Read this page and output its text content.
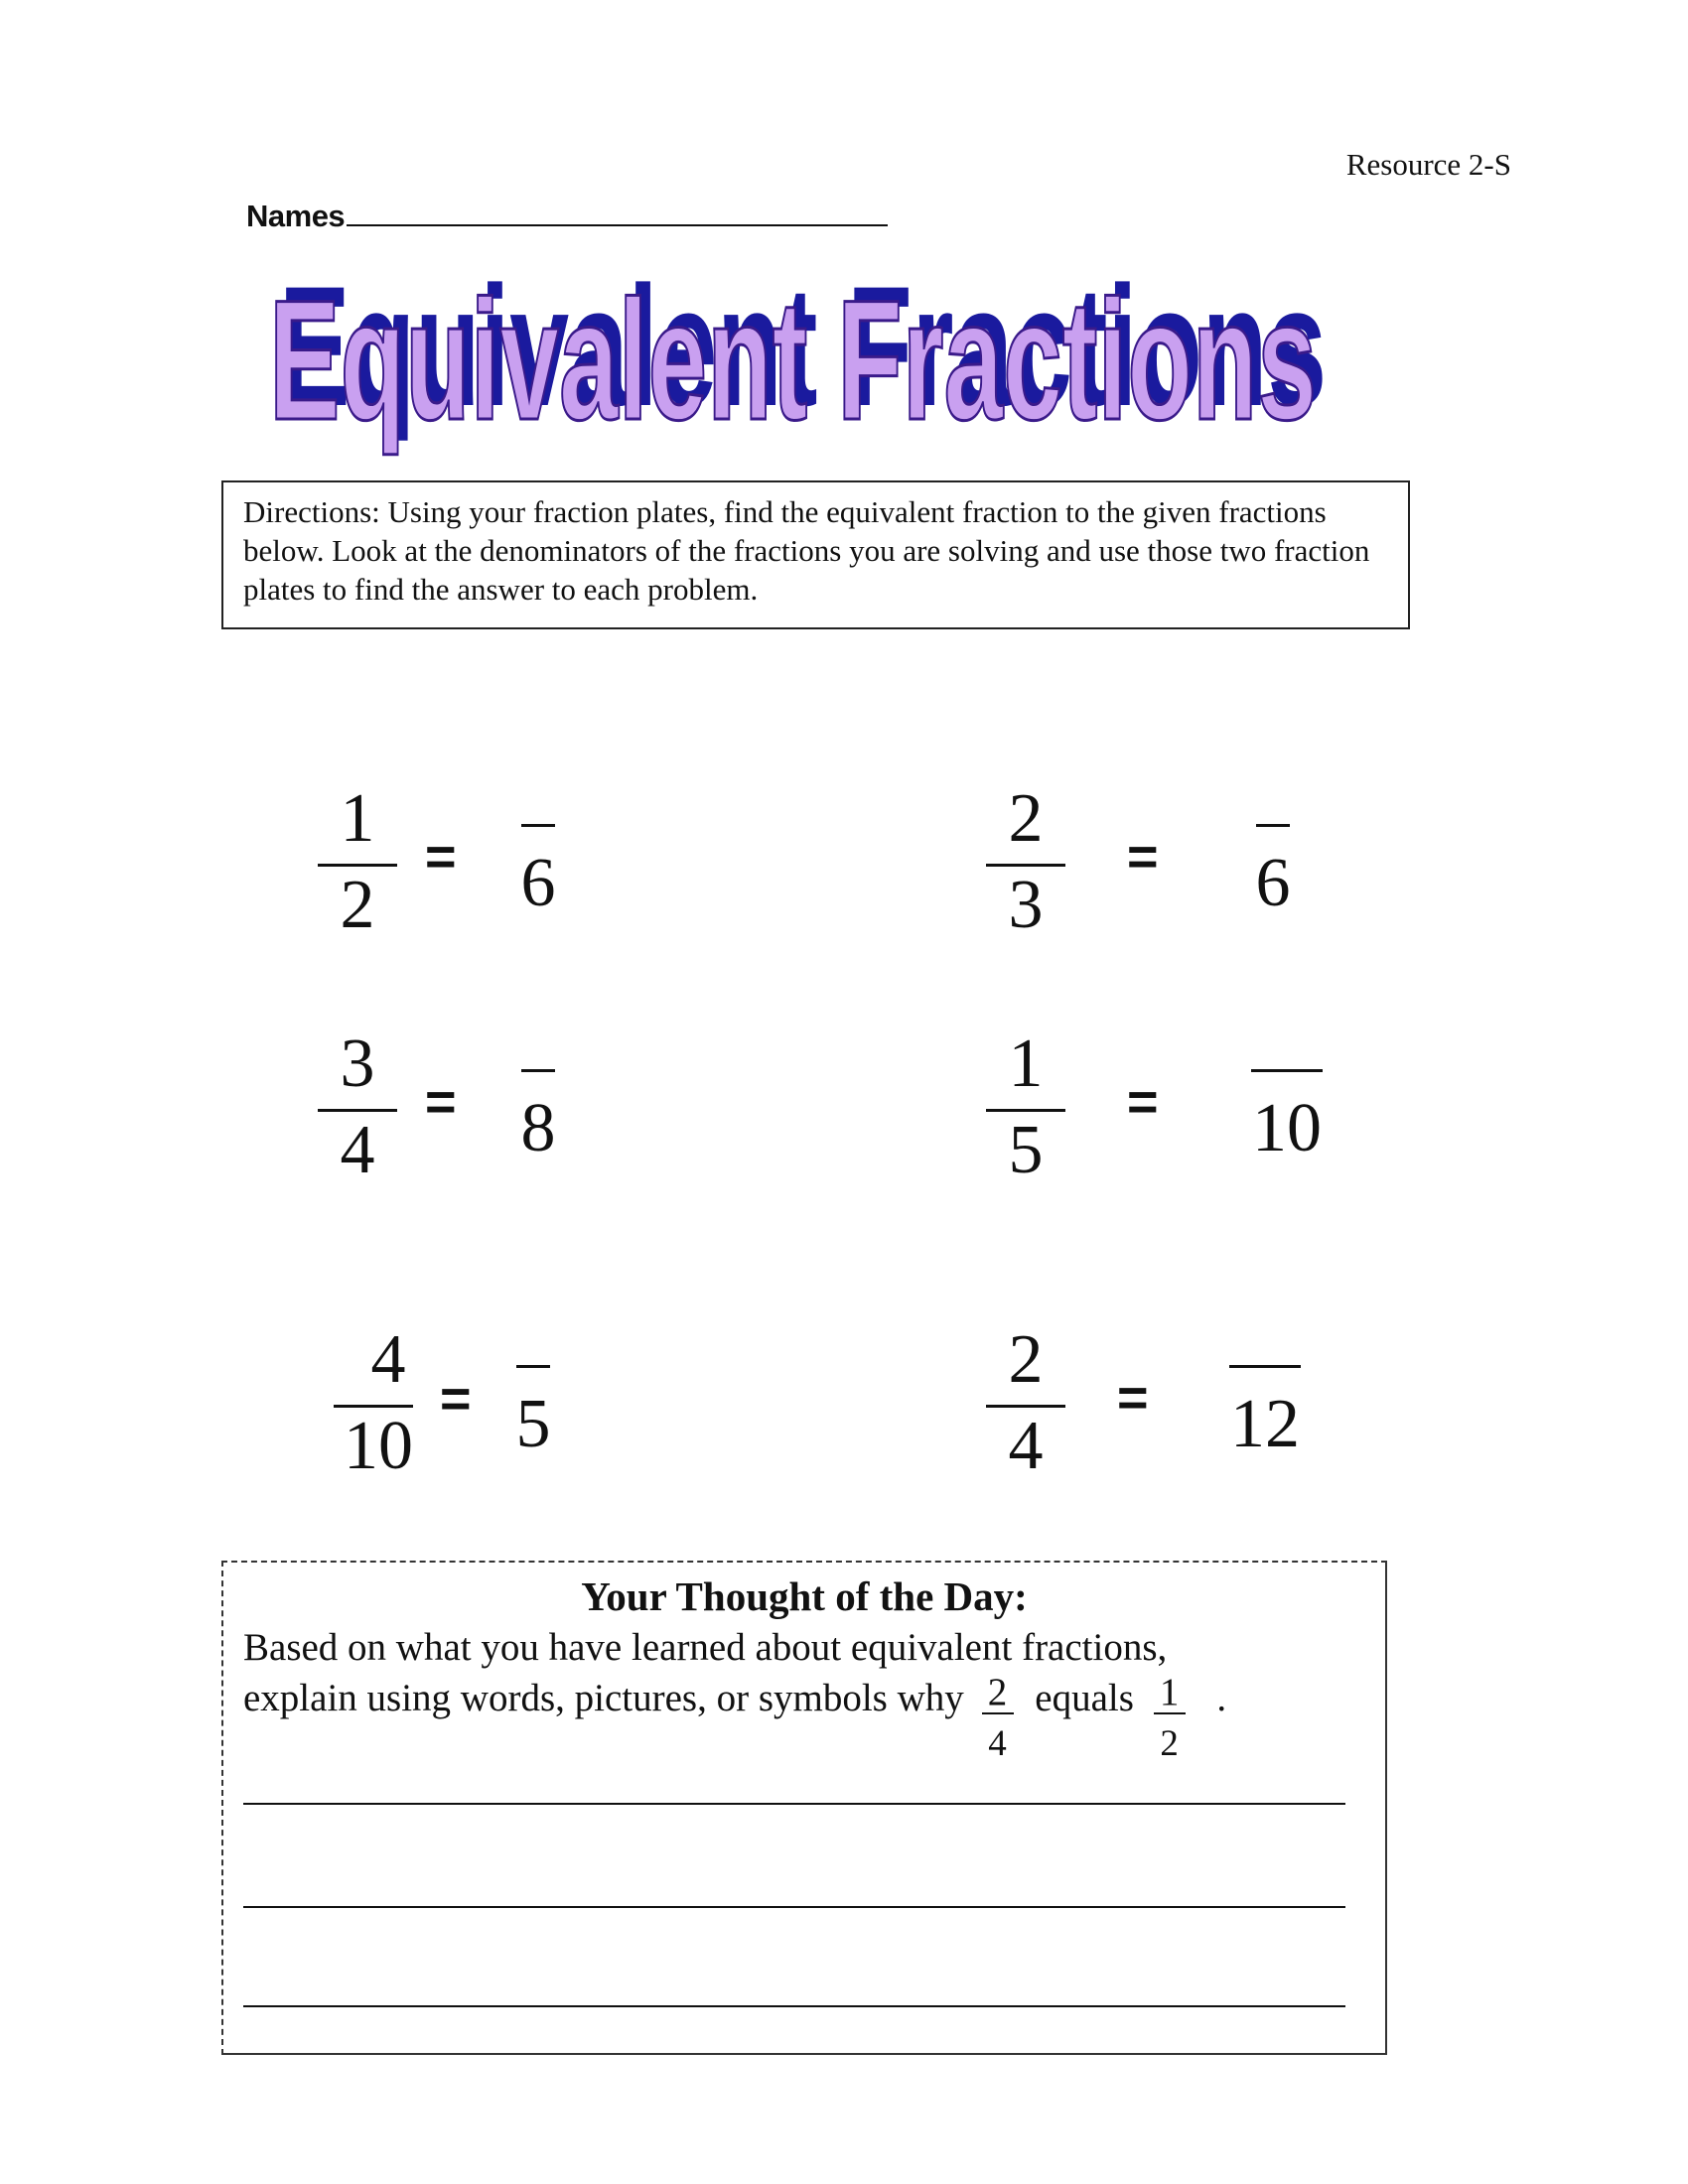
Resource 2-S
Names
Equivalent Fractions
Equivalent Fractions
Directions: Using your fraction plates, find the equivalent fraction to the given fractions below. Look at the denominators of the fractions you are solving and use those two fraction plates to find the answer to each problem.
$\frac{1}{2} = 6$	$\frac{2}{3} = 6$
$\frac{3}{4} = 8$	$\frac{1}{5} = 10$
$\frac{4}{10} = 5$	$\frac{2}{4} = 12$
Your Thought of the Day:
Based on what you have learned about equivalent fractions,
explain using words, pictures, or symbols why $\frac{2}{4}$ equals $\frac{1}{2}$ .
